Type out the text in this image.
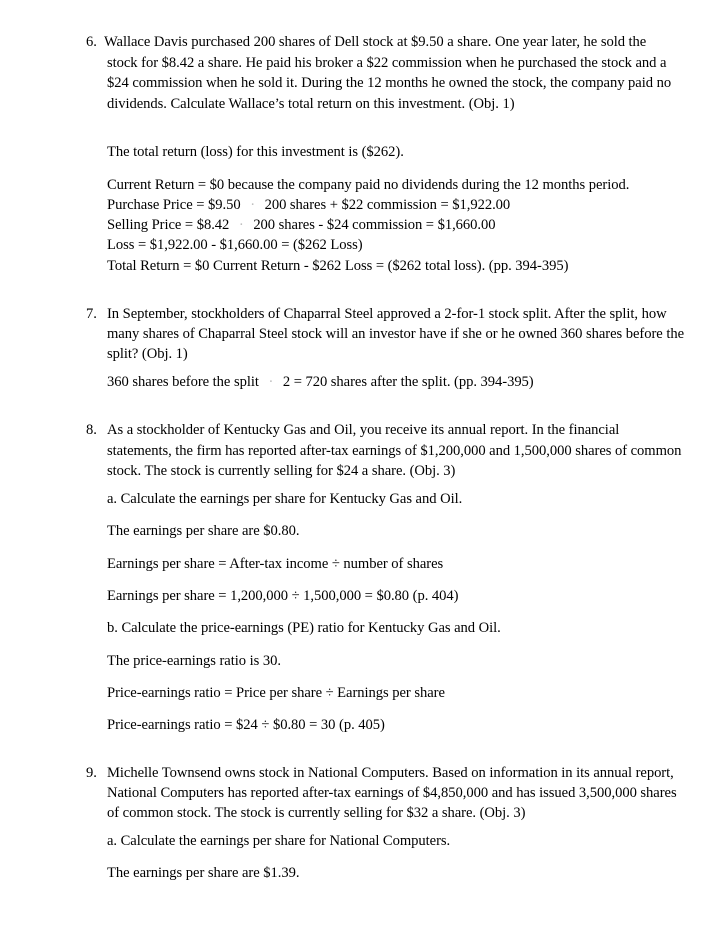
6. Wallace Davis purchased 200 shares of Dell stock at $9.50 a share. One year later, he sold the
stock for $8.42 a share. He paid his broker a $22 commission when he purchased the stock and a
$24 commission when he sold it. During the 12 months he owned the stock, the company paid no
dividends. Calculate Wallace’s total return on this investment. (Obj. 1)
The total return (loss) for this investment is ($262).
Current Return = $0 because the company paid no dividends during the 12 months period.
Purchase Price = $9.50 · 200 shares + $22 commission = $1,922.00
Selling Price = $8.42 · 200 shares - $24 commission = $1,660.00
Loss = $1,922.00 - $1,660.00 = ($262 Loss)
Total Return = $0 Current Return - $262 Loss = ($262 total loss). (pp. 394-395)
7. In September, stockholders of Chaparral Steel approved a 2-for-1 stock split. After the split, how
many shares of Chaparral Steel stock will an investor have if she or he owned 360 shares before the
split? (Obj. 1)
360 shares before the split · 2 = 720 shares after the split. (pp. 394-395)
8. As a stockholder of Kentucky Gas and Oil, you receive its annual report. In the financial
statements, the firm has reported after-tax earnings of $1,200,000 and 1,500,000 shares of common
stock. The stock is currently selling for $24 a share. (Obj. 3)
a. Calculate the earnings per share for Kentucky Gas and Oil.
The earnings per share are $0.80.
Earnings per share = After-tax income ÷ number of shares
Earnings per share = 1,200,000 ÷ 1,500,000 = $0.80 (p. 404)
b. Calculate the price-earnings (PE) ratio for Kentucky Gas and Oil.
The price-earnings ratio is 30.
Price-earnings ratio = Price per share ÷ Earnings per share
Price-earnings ratio = $24 ÷ $0.80 = 30 (p. 405)
9. Michelle Townsend owns stock in National Computers. Based on information in its annual report,
National Computers has reported after-tax earnings of $4,850,000 and has issued 3,500,000 shares
of common stock. The stock is currently selling for $32 a share. (Obj. 3)
a. Calculate the earnings per share for National Computers.
The earnings per share are $1.39.
